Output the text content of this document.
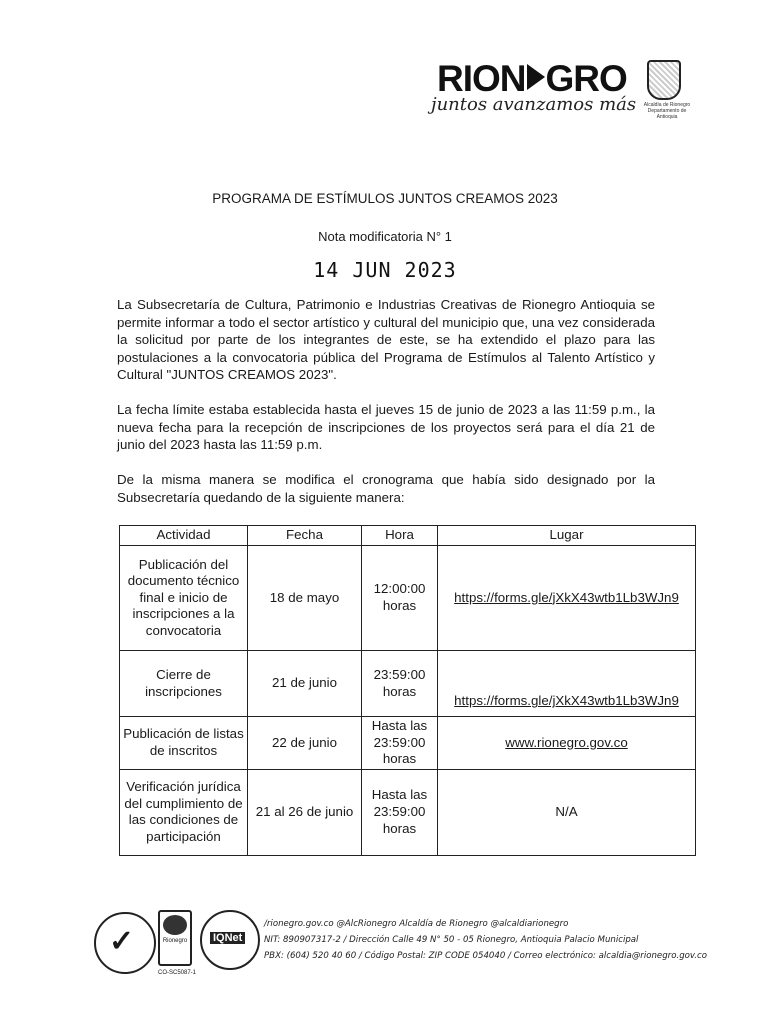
RION GRO
juntos avanzamos más	Alcaldía de Rionegro Departamento de Antioquia
PROGRAMA DE ESTÍMULOS JUNTOS CREAMOS 2023
Nota modificatoria N° 1
14 JUN 2023
La Subsecretaría de Cultura, Patrimonio e Industrias Creativas de Rionegro Antioquia se permite informar a todo el sector artístico y cultural del municipio que, una vez considerada la solicitud por parte de los integrantes de este, se ha extendido el plazo para las postulaciones a la convocatoria pública del Programa de Estímulos al Talento Artístico y Cultural "JUNTOS CREAMOS 2023".
La fecha límite estaba establecida hasta el jueves 15 de junio de 2023 a las 11:59 p.m., la nueva fecha para la recepción de inscripciones de los proyectos será para el día 21 de junio del 2023 hasta las 11:59 p.m.
De la misma manera se modifica el cronograma que había sido designado por la Subsecretaría quedando de la siguiente manera:
Actividad	Fecha	Hora	Lugar
Publicación del documento técnico final e inicio de inscripciones a la convocatoria	18 de mayo	12:00:00 horas	https://forms.gle/jXkX43wtb1Lb3WJn9
Cierre de inscripciones	21 de junio	23:59:00 horas	https://forms.gle/jXkX43wtb1Lb3WJn9
Publicación de listas de inscritos	22 de junio	Hasta las 23:59:00 horas	www.rionegro.gov.co
Verificación jurídica del cumplimiento de las condiciones de participación	21 al 26 de junio	Hasta las 23:59:00 horas	N/A
✓	Rionegro
CO-SC5087-1
IQNet
/rionegro.gov.co @AlcRionegro Alcaldía de Rionegro @alcaldiarionegro
NIT: 890907317-2 / Dirección Calle 49 N° 50 - 05 Rionegro, Antioquia Palacio Municipal
PBX: (604) 520 40 60 / Código Postal: ZIP CODE 054040 / Correo electrónico: alcaldia@rionegro.gov.co
